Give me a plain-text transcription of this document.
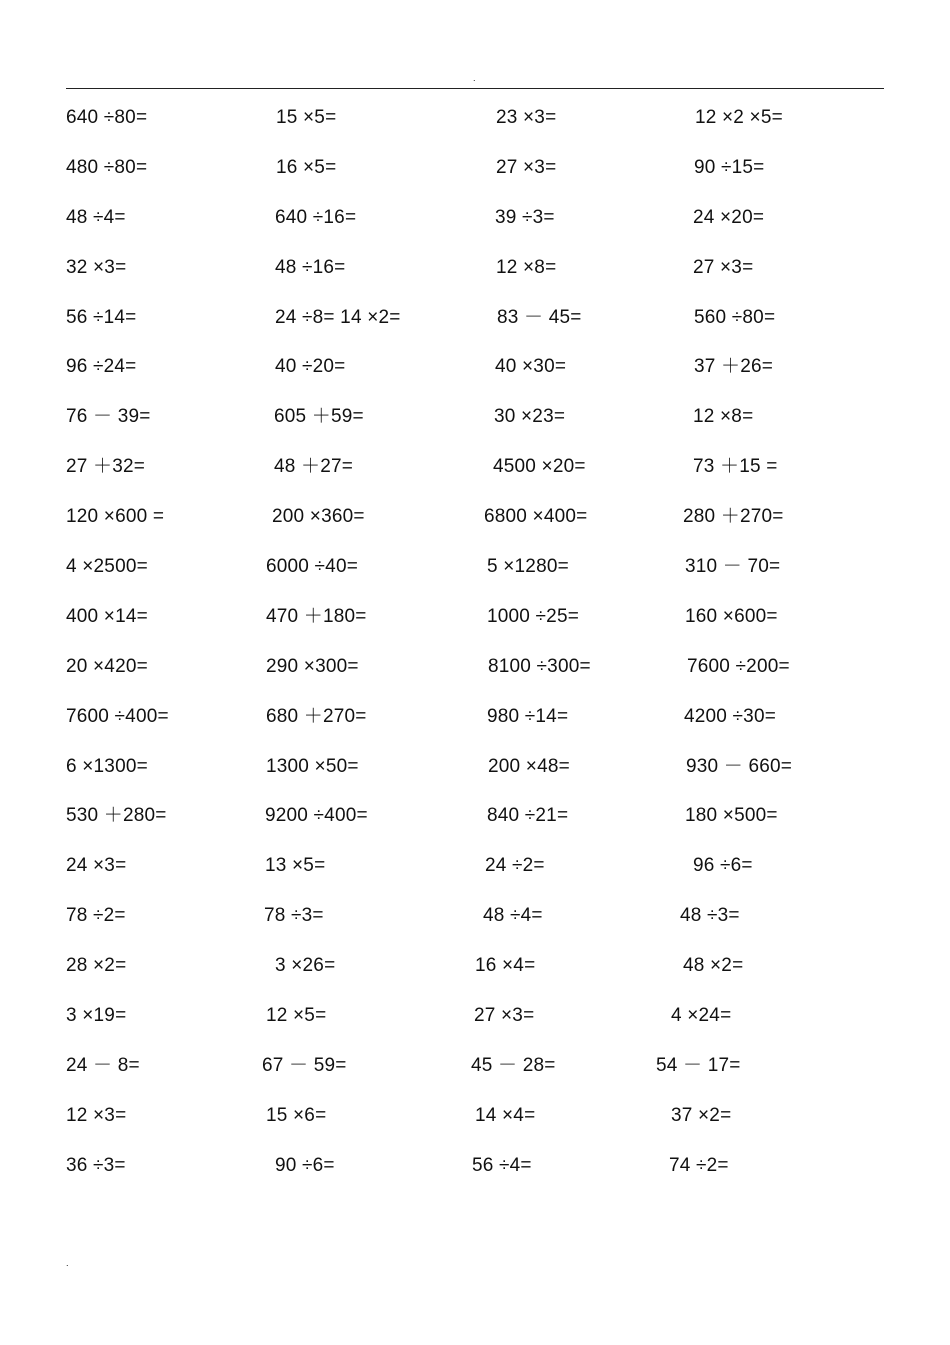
.
640 ÷80=	15 ×5=	23 ×3=	12 ×2 ×5=
480 ÷80=	16 ×5=	27 ×3=	90 ÷15=
48 ÷4=	640 ÷16=	39 ÷3=	24 ×20=
32 ×3=	48 ÷16=	12 ×8=	27 ×3=
56 ÷14=	24 ÷8= 14 ×2=	83 － 45=	560 ÷80=
96 ÷24=	40 ÷20=	40 ×30=	37 ＋26=
76 － 39=	605 ＋59=	30 ×23=	12 ×8=
27 ＋32=	48 ＋27=	4500 ×20=	73 ＋15 =
120 ×600 =	200 ×360=	6800 ×400=	280 ＋270=
4 ×2500=	6000 ÷40=	5 ×1280=	310 － 70=
400 ×14=	470 ＋180=	1000 ÷25=	160 ×600=
20 ×420=	290 ×300=	8100 ÷300=	7600 ÷200=
7600 ÷400=	680 ＋270=	980 ÷14=	4200 ÷30=
6 ×1300=	1300 ×50=	200 ×48=	930 － 660=
530 ＋280=	9200 ÷400=	840 ÷21=	180 ×500=
24 ×3=	13 ×5=	24 ÷2=	96 ÷6=
78 ÷2=	78 ÷3=	48 ÷4=	48 ÷3=
28 ×2=	3 ×26=	16 ×4=	48 ×2=
3 ×19=	12 ×5=	27 ×3=	4 ×24=
24 － 8=	67 － 59=	45 － 28=	54 － 17=
12 ×3=	15 ×6=	14 ×4=	37 ×2=
36 ÷3=	90 ÷6=	56 ÷4=	74 ÷2=
.
